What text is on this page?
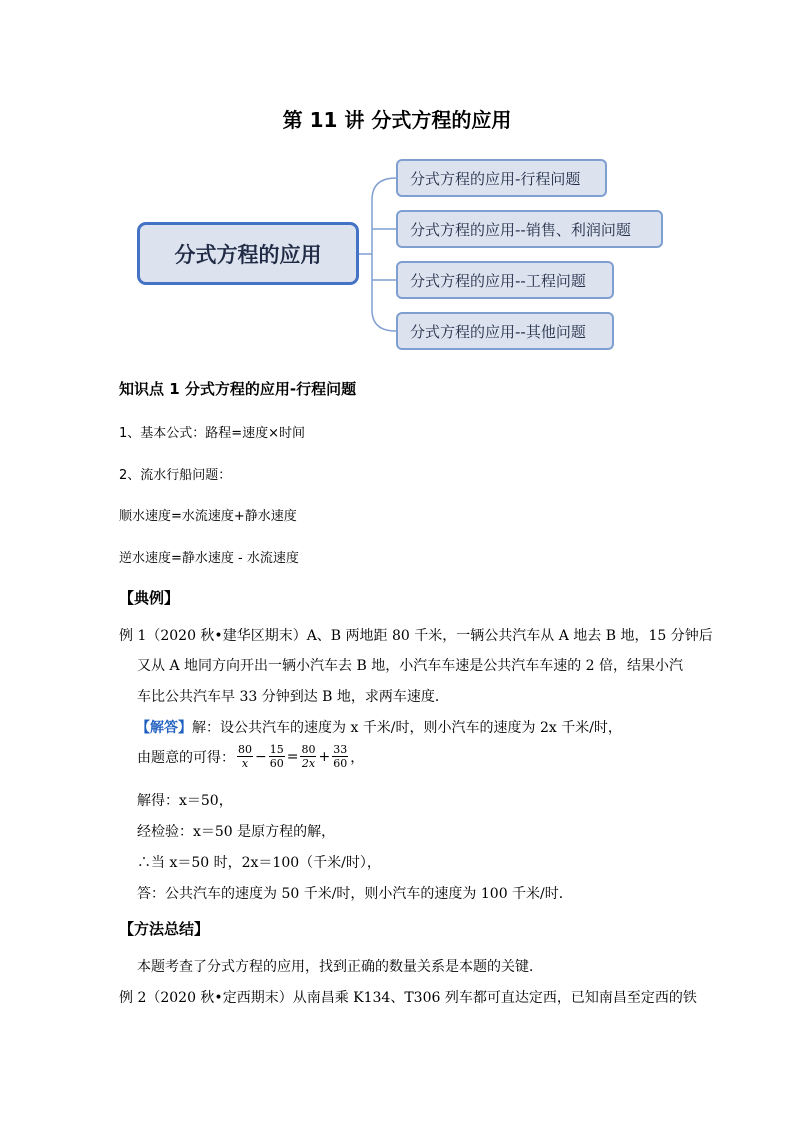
第 11 讲 分式方程的应用
分式方程的应用
分式方程的应用-行程问题
分式方程的应用--销售、利润问题
分式方程的应用--工程问题
分式方程的应用--其他问题
知识点 1 分式方程的应用-行程问题
1、基本公式：路程=速度×时间
2、流水行船问题：
顺水速度=水流速度+静水速度
逆水速度=静水速度 - 水流速度
【典例】
例 1（2020 秋•建华区期末）A、B 两地距 80 千米，一辆公共汽车从 A 地去 B 地，15 分钟后
又从 A 地同方向开出一辆小汽车去 B 地，小汽车车速是公共汽车车速的 2 倍，结果小汽
车比公共汽车早 33 分钟到达 B 地，求两车速度．
【解答】解：设公共汽车的速度为 x 千米/时，则小汽车的速度为 2x 千米/时，
由题意的可得： $\frac{80}{x} - \frac{15}{60} = \frac{80}{2x} + \frac{33}{60}$ ，
解得：x＝50，
经检验：x＝50 是原方程的解，
∴当 x＝50 时，2x＝100（千米/时），
答：公共汽车的速度为 50 千米/时，则小汽车的速度为 100 千米/时．
【方法总结】
本题考查了分式方程的应用，找到正确的数量关系是本题的关键．
例 2（2020 秋•定西期末）从南昌乘 K134、T306 列车都可直达定西，已知南昌至定西的铁
